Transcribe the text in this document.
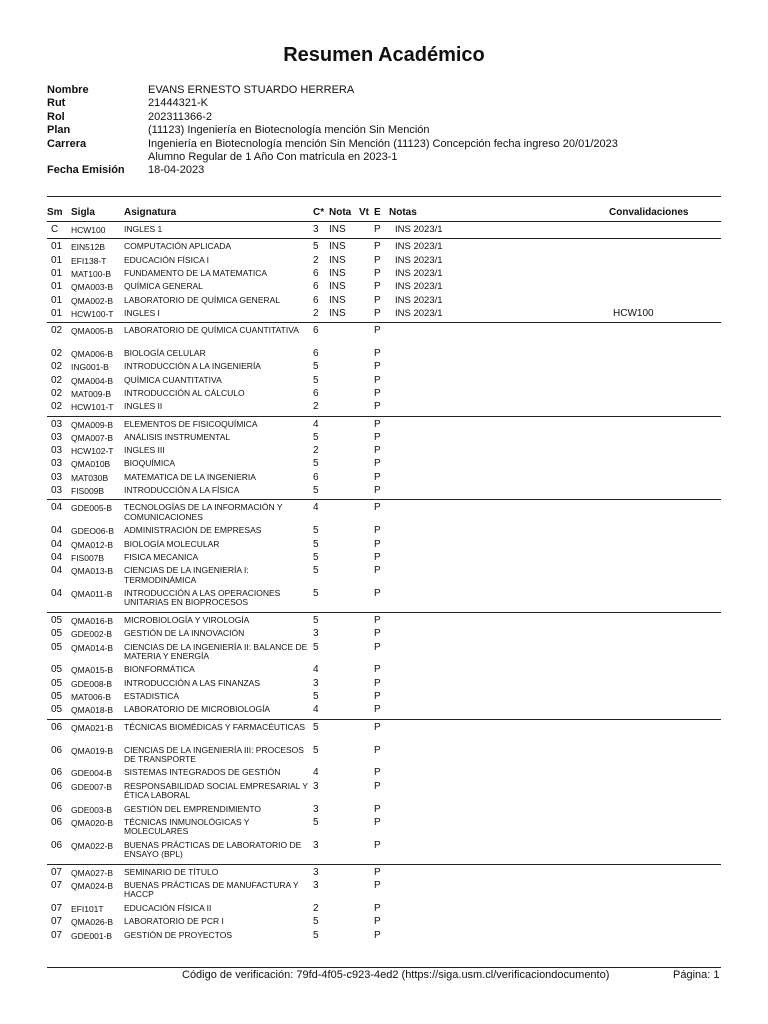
Resumen Académico
Nombre	EVANS ERNESTO STUARDO HERRERA
Rut	21444321-K
Rol	202311366-2
Plan	(11123) Ingeniería en Biotecnología mención Sin Mención
Carrera	Ingeniería en Biotecnología mención Sin Mención (11123) Concepción fecha ingreso 20/01/2023
Alumno Regular de 1 Año Con matrícula en 2023-1
Fecha Emisión	18-04-2023
Sm Sigla	Asignatura	C* Nota Vt E Notas	Convalidaciones
C HCW100 INGLES 1	3 INS	P INS 2023/1
01 EIN512B COMPUTACIÓN APLICADA	5 INS	P INS 2023/1
01 EFI138-T EDUCACIÓN FÍSICA I	2 INS	P INS 2023/1
01 MAT100-B FUNDAMENTO DE LA MATEMATICA	6 INS	P INS 2023/1
01 QMA003-B QUÍMICA GENERAL	6 INS	P INS 2023/1
01 QMA002-B LABORATORIO DE QUÍMICA GENERAL	6 INS	P INS 2023/1
01 HCW100-T INGLES I	2 INS	P INS 2023/1	HCW100
02 QMA005-B LABORATORIO DE QUÍMICA CUANTITATIVA	6	P
02 QMA006-B BIOLOGÍA CELULAR	6	P
02 ING001-B INTRODUCCIÓN A LA INGENIERÍA	5	P
02 QMA004-B QUÍMICA CUANTITATIVA	5	P
02 MAT009-B INTRODUCCIÓN AL CÁLCULO	6	P
02 HCW101-T INGLES II	2	P
03 QMA009-B ELEMENTOS DE FISICOQUÍMICA	4	P
03 QMA007-B ANÁLISIS INSTRUMENTAL	5	P
03 HCW102-T INGLES III	2	P
03 QMA010B BIOQUÍMICA	5	P
03 MAT030B MATEMATICA DE LA INGENIERIA	6	P
03 FIS009B INTRODUCCIÓN A LA FÍSICA	5	P
04 GDE005-B TECNOLOGÍAS DE LA INFORMACIÓN Y COMUNICACIONES
4	P
04 GDEO06-B ADMINISTRACIÓN DE EMPRESAS	5	P
04 QMA012-B BIOLOGÍA MOLECULAR	5	P
04 FIS007B FISICA MECANICA	5	P
04 QMA013-B CIENCIAS DE LA INGENIERÍA I: TERMODINÁMICA
5	P
04 QMA011-B INTRODUCCIÓN A LAS OPERACIONES UNITARIAS EN BIOPROCESOS
5	P
05 QMA016-B MICROBIOLOGÍA Y VIROLOGÍA	5	P
05 GDE002-B GESTIÓN DE LA INNOVACIÓN	3	P
05 QMA014-B CIENCIAS DE LA INGENIERÍA II: BALANCE DE MATERIA Y ENERGÍA
5	P
05 QMA015-B BIONFORMÁTICA	4	P
05 GDE008-B INTRODUCCIÓN A LAS FINANZAS	3	P
05 MAT006-B ESTADISTICA	5	P
05 QMA018-B LABORATORIO DE MICROBIOLOGÍA	4	P
06 QMA021-B TÉCNICAS BIOMÉDICAS Y FARMACÉUTICAS 5	P
06 QMA019-B CIENCIAS DE LA INGENIERÍA III: PROCESOS DE TRANSPORTE
5	P
06 GDE004-B SISTEMAS INTEGRADOS DE GESTIÓN	4	P
06 GDE007-B RESPONSABILIDAD SOCIAL EMPRESARIAL Y ÉTICA LABORAL
3	P
06 GDE003-B GESTIÓN DEL EMPRENDIMIENTO	3	P
06 QMA020-B TÉCNICAS INMUNOLÓGICAS Y MOLECULARES
5	P
06 QMA022-B BUENAS PRÁCTICAS DE LABORATORIO DE ENSAYO (BPL)
3	P
07 QMA027-B SEMINARIO DE TÍTULO	3	P
07 QMA024-B BUENAS PRÁCTICAS DE MANUFACTURA Y HACCP
3	P
07 EFI101T EDUCACIÓN FÍSICA II	2	P
07 QMA026-B LABORATORIO DE PCR I	5	P
07 GDE001-B GESTIÓN DE PROYECTOS	5	P
Código de verificación: 79fd-4f05-c923-4ed2 (https://siga.usm.cl/verificaciondocumento)	Página: 1
